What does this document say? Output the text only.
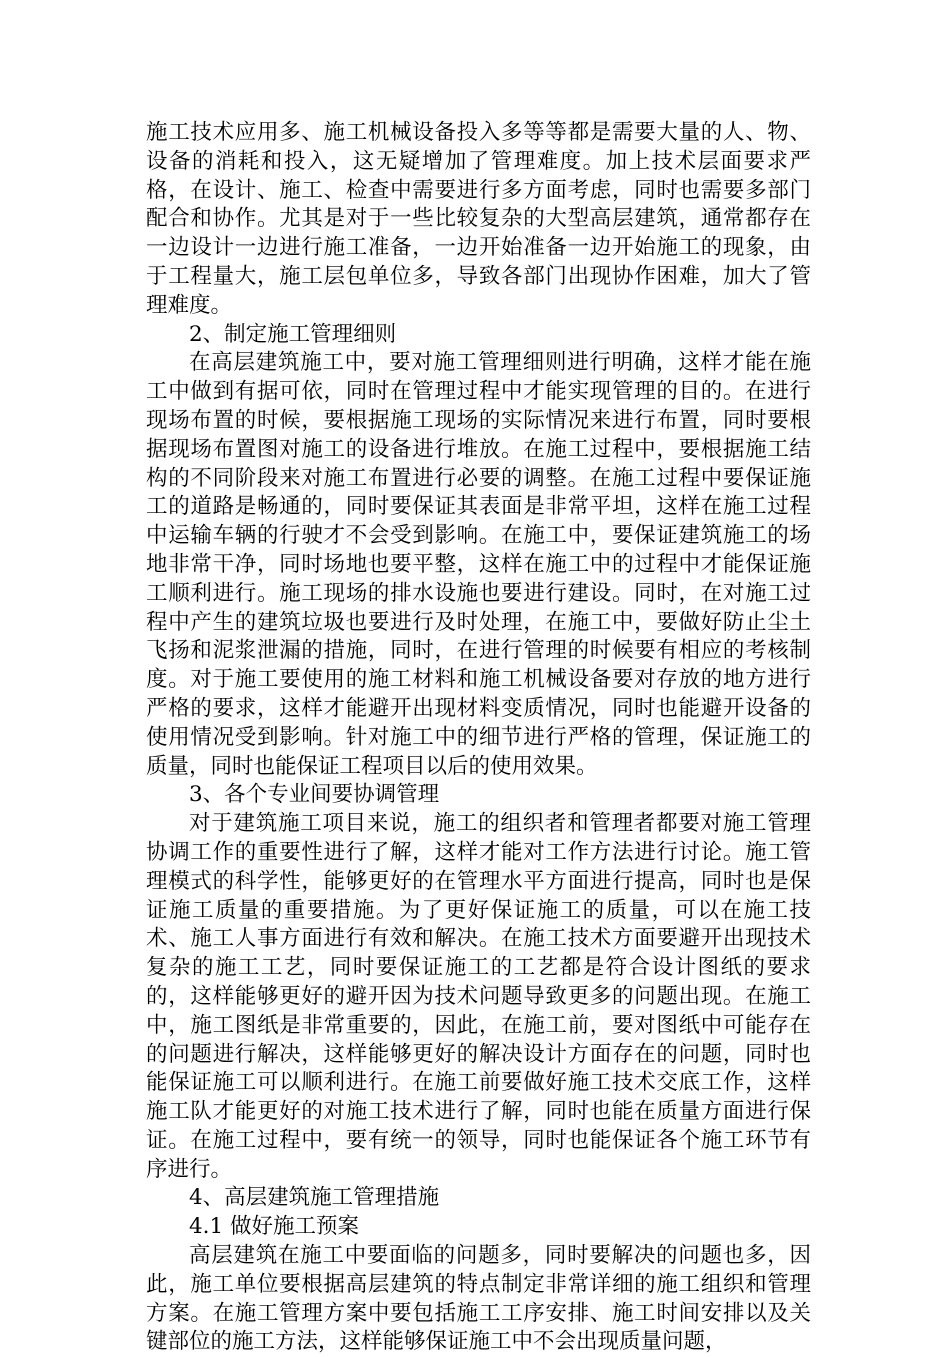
施工技术应用多、施工机械设备投入多等等都是需要大量的人、物、设备的消耗和投入，这无疑增加了管理难度。加上技术层面要求严格，在设计、施工、检查中需要进行多方面考虑，同时也需要多部门配合和协作。尤其是对于一些比较复杂的大型高层建筑，通常都存在一边设计一边进行施工准备，一边开始准备一边开始施工的现象，由于工程量大，施工层包单位多，导致各部门出现协作困难，加大了管理难度。

2、制定施工管理细则

在高层建筑施工中，要对施工管理细则进行明确，这样才能在施工中做到有据可依，同时在管理过程中才能实现管理的目的。在进行现场布置的时候，要根据施工现场的实际情况来进行布置，同时要根据现场布置图对施工的设备进行堆放。在施工过程中，要根据施工结构的不同阶段来对施工布置进行必要的调整。在施工过程中要保证施工的道路是畅通的，同时要保证其表面是非常平坦，这样在施工过程中运输车辆的行驶才不会受到影响。在施工中，要保证建筑施工的场地非常干净，同时场地也要平整，这样在施工中的过程中才能保证施工顺利进行。施工现场的排水设施也要进行建设。同时，在对施工过程中产生的建筑垃圾也要进行及时处理，在施工中，要做好防止尘土飞扬和泥浆泄漏的措施，同时，在进行管理的时候要有相应的考核制度。对于施工要使用的施工材料和施工机械设备要对存放的地方进行严格的要求，这样才能避开出现材料变质情况，同时也能避开设备的使用情况受到影响。针对施工中的细节进行严格的管理，保证施工的质量，同时也能保证工程项目以后的使用效果。

3、各个专业间要协调管理

对于建筑施工项目来说，施工的组织者和管理者都要对施工管理协调工作的重要性进行了解，这样才能对工作方法进行讨论。施工管理模式的科学性，能够更好的在管理水平方面进行提高，同时也是保证施工质量的重要措施。为了更好保证施工的质量，可以在施工技术、施工人事方面进行有效和解决。在施工技术方面要避开出现技术复杂的施工工艺，同时要保证施工的工艺都是符合设计图纸的要求的，这样能够更好的避开因为技术问题导致更多的问题出现。在施工中，施工图纸是非常重要的，因此，在施工前，要对图纸中可能存在的问题进行解决，这样能够更好的解决设计方面存在的问题，同时也能保证施工可以顺利进行。在施工前要做好施工技术交底工作，这样施工队才能更好的对施工技术进行了解，同时也能在质量方面进行保证。在施工过程中，要有统一的领导，同时也能保证各个施工环节有序进行。

4、高层建筑施工管理措施

4.1 做好施工预案

高层建筑在施工中要面临的问题多，同时要解决的问题也多，因此，施工单位要根据高层建筑的特点制定非常详细的施工组织和管理方案。在施工管理方案中要包括施工工序安排、施工时间安排以及关键部位的施工方法，这样能够保证施工中不会出现质量问题，
